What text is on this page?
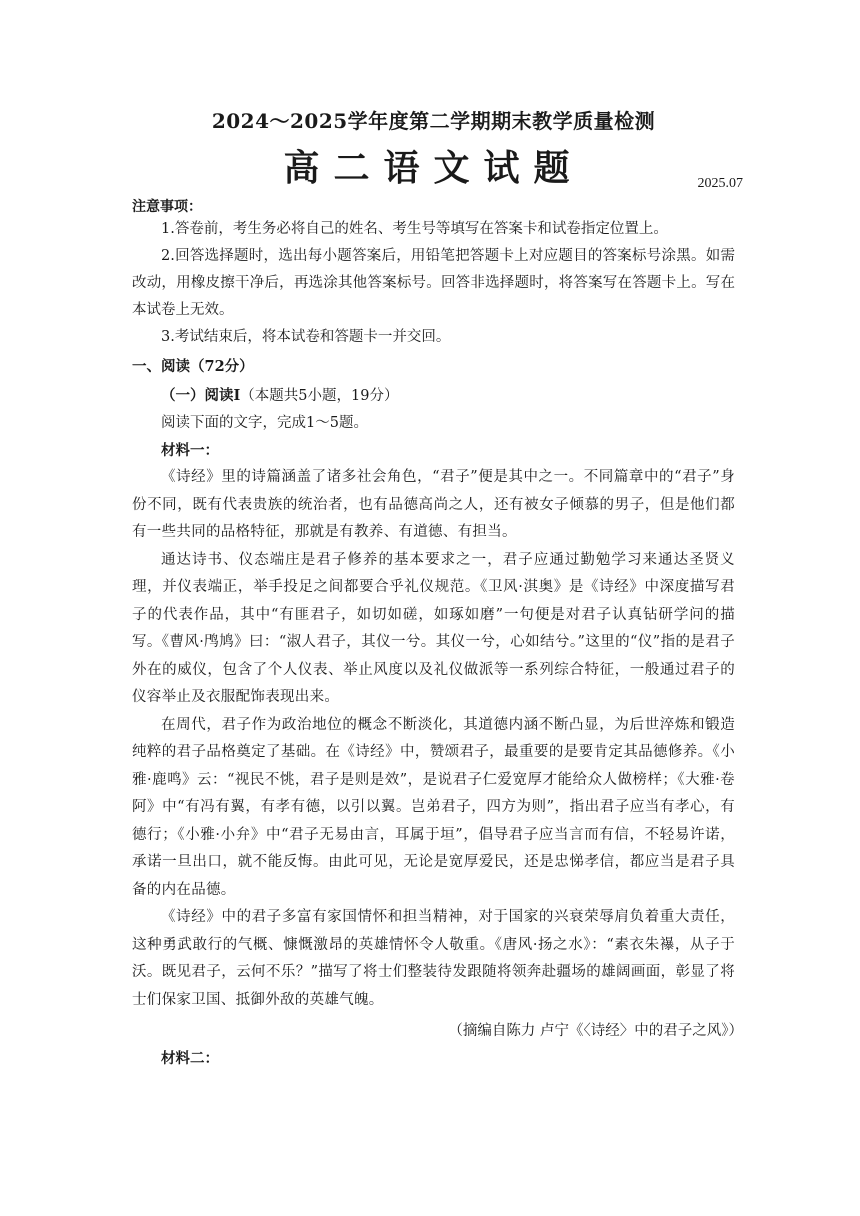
2024～2025学年度第二学期期末教学质量检测
高二语文试题	2025.07
注意事项：

1.答卷前，考生务必将自己的姓名、考生号等填写在答案卡和试卷指定位置上。

2.回答选择题时，选出每小题答案后，用铅笔把答题卡上对应题目的答案标号涂黑。如需改动，用橡皮擦干净后，再选涂其他答案标号。回答非选择题时，将答案写在答题卡上。写在本试卷上无效。

3.考试结束后，将本试卷和答题卡一并交回。

一、阅读（72分）
（一）阅读Ⅰ（本题共5小题，19分）

阅读下面的文字，完成1～5题。

材料一：

《诗经》里的诗篇涵盖了诸多社会角色，“君子”便是其中之一。不同篇章中的“君子”身份不同，既有代表贵族的统治者，也有品德高尚之人，还有被女子倾慕的男子，但是他们都有一些共同的品格特征，那就是有教养、有道德、有担当。

通达诗书、仪态端庄是君子修养的基本要求之一，君子应通过勤勉学习来通达圣贤义理，并仪表端正，举手投足之间都要合乎礼仪规范。《卫风·淇奥》是《诗经》中深度描写君子的代表作品，其中“有匪君子，如切如磋，如琢如磨”一句便是对君子认真钻研学问的描写。《曹风·鸤鸠》曰：“淑人君子，其仪一兮。其仪一兮，心如结兮。”这里的“仪”指的是君子外在的威仪，包含了个人仪表、举止风度以及礼仪做派等一系列综合特征，一般通过君子的仪容举止及衣服配饰表现出来。

在周代，君子作为政治地位的概念不断淡化，其道德内涵不断凸显，为后世淬炼和锻造纯粹的君子品格奠定了基础。在《诗经》中，赞颂君子，最重要的是要肯定其品德修养。《小雅·鹿鸣》云：“视民不恌，君子是则是效”，是说君子仁爱宽厚才能给众人做榜样；《大雅·卷阿》中“有冯有翼，有孝有德，以引以翼。岂弟君子，四方为则”，指出君子应当有孝心，有德行；《小雅·小弁》中“君子无易由言，耳属于垣”，倡导君子应当言而有信，不轻易许诺，承诺一旦出口，就不能反悔。由此可见，无论是宽厚爱民，还是忠悌孝信，都应当是君子具备的内在品德。

《诗经》中的君子多富有家国情怀和担当精神，对于国家的兴衰荣辱肩负着重大责任，这种勇武敢行的气概、慷慨激昂的英雄情怀令人敬重。《唐风·扬之水》：“素衣朱襮，从子于沃。既见君子，云何不乐？”描写了将士们整装待发跟随将领奔赴疆场的雄阔画面，彰显了将士们保家卫国、抵御外敌的英雄气魄。

（摘编自陈力 卢宁《〈诗经〉中的君子之风》）
材料二：
